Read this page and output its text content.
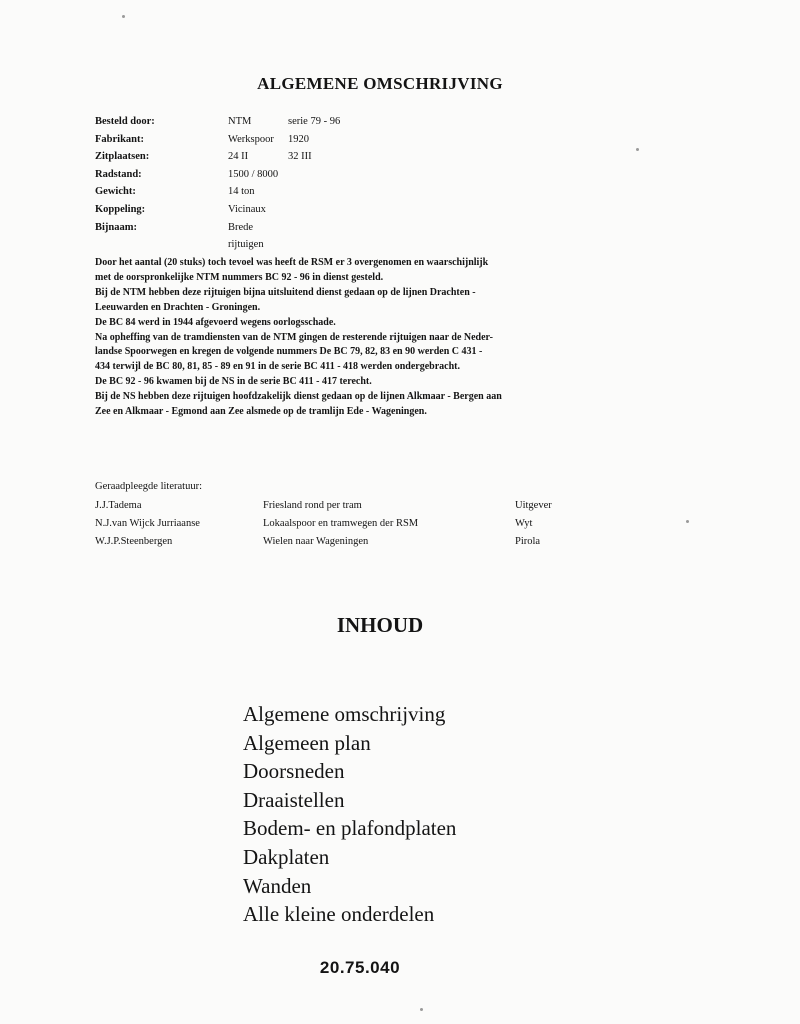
ALGEMENE OMSCHRIJVING
Besteld door:	NTM	serie 79 - 96
Fabrikant:	Werkspoor	1920
Zitplaatsen:	24 II	32 III
Radstand:	1500 / 8000
Gewicht:	14 ton
Koppeling:	Vicinaux
Bijnaam:	Brede rijtuigen

Door het aantal (20 stuks) toch tevoel was heeft de RSM er 3 overgenomen en waarschijnlijk

met de oorspronkelijke NTM nummers BC 92 - 96 in dienst gesteld.

Bij de NTM hebben deze rijtuigen bijna uitsluitend dienst gedaan op de lijnen Drachten -

Leeuwarden en Drachten - Groningen.

De BC 84 werd in 1944 afgevoerd wegens oorlogsschade.

Na opheffing van de tramdiensten van de NTM gingen de resterende rijtuigen naar de Neder-

landse Spoorwegen en kregen de volgende nummers De BC 79, 82, 83 en 90 werden C 431 -

434 terwijl de BC 80, 81, 85 - 89 en 91 in de serie BC 411 - 418 werden ondergebracht.

De BC 92 - 96 kwamen bij de NS in de serie BC 411 - 417 terecht.

Bij de NS hebben deze rijtuigen hoofdzakelijk dienst gedaan op de lijnen Alkmaar - Bergen aan

Zee en Alkmaar - Egmond aan Zee alsmede op de tramlijn Ede - Wageningen.

Geraadpleegde literatuur:
J.J.Tadema	Friesland rond per tram	Uitgever
N.J.van Wijck Jurriaanse	Lokaalspoor en tramwegen der RSM	Wyt
W.J.P.Steenbergen	Wielen naar Wageningen	Pirola
INHOUD
Algemene omschrijving
Algemeen plan
Doorsneden
Draaistellen
Bodem- en plafondplaten
Dakplaten
Wanden
Alle kleine onderdelen
20.75.040
